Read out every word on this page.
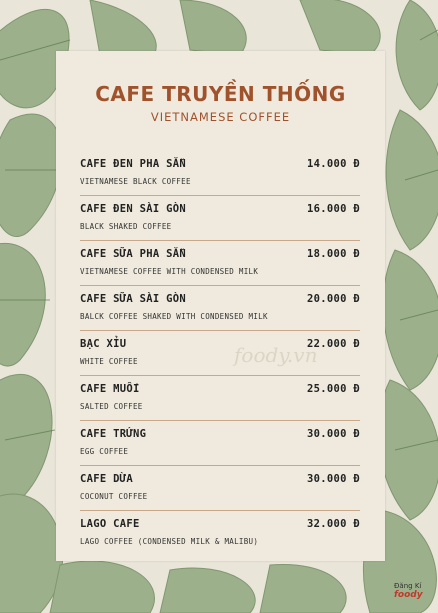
CAFE TRUYỀN THỐNG
VIETNAMESE COFFEE
foody.vn
CAFE ĐEN PHA SẴN	14.000 Đ
VIETNAMESE BLACK COFFEE
CAFE ĐEN SÀI GÒN	16.000 Đ
BLACK SHAKED COFFEE
CAFE SỮA PHA SẴN	18.000 Đ
VIETNAMESE COFFEE WITH CONDENSED MILK
CAFE SỮA SÀI GÒN	20.000 Đ
BALCK COFFEE SHAKED WITH CONDENSED MILK
BẠC XỈU	22.000 Đ
WHITE COFFEE
CAFE MUỐI	25.000 Đ
SALTED COFFEE
CAFE TRỨNG	30.000 Đ
EGG COFFEE
CAFE DỪA	30.000 Đ
COCONUT COFFEE
LAGO CAFE	32.000 Đ
LAGO COFFEE (CONDENSED MILK & MALIBU)
Đăng Kí
foody
